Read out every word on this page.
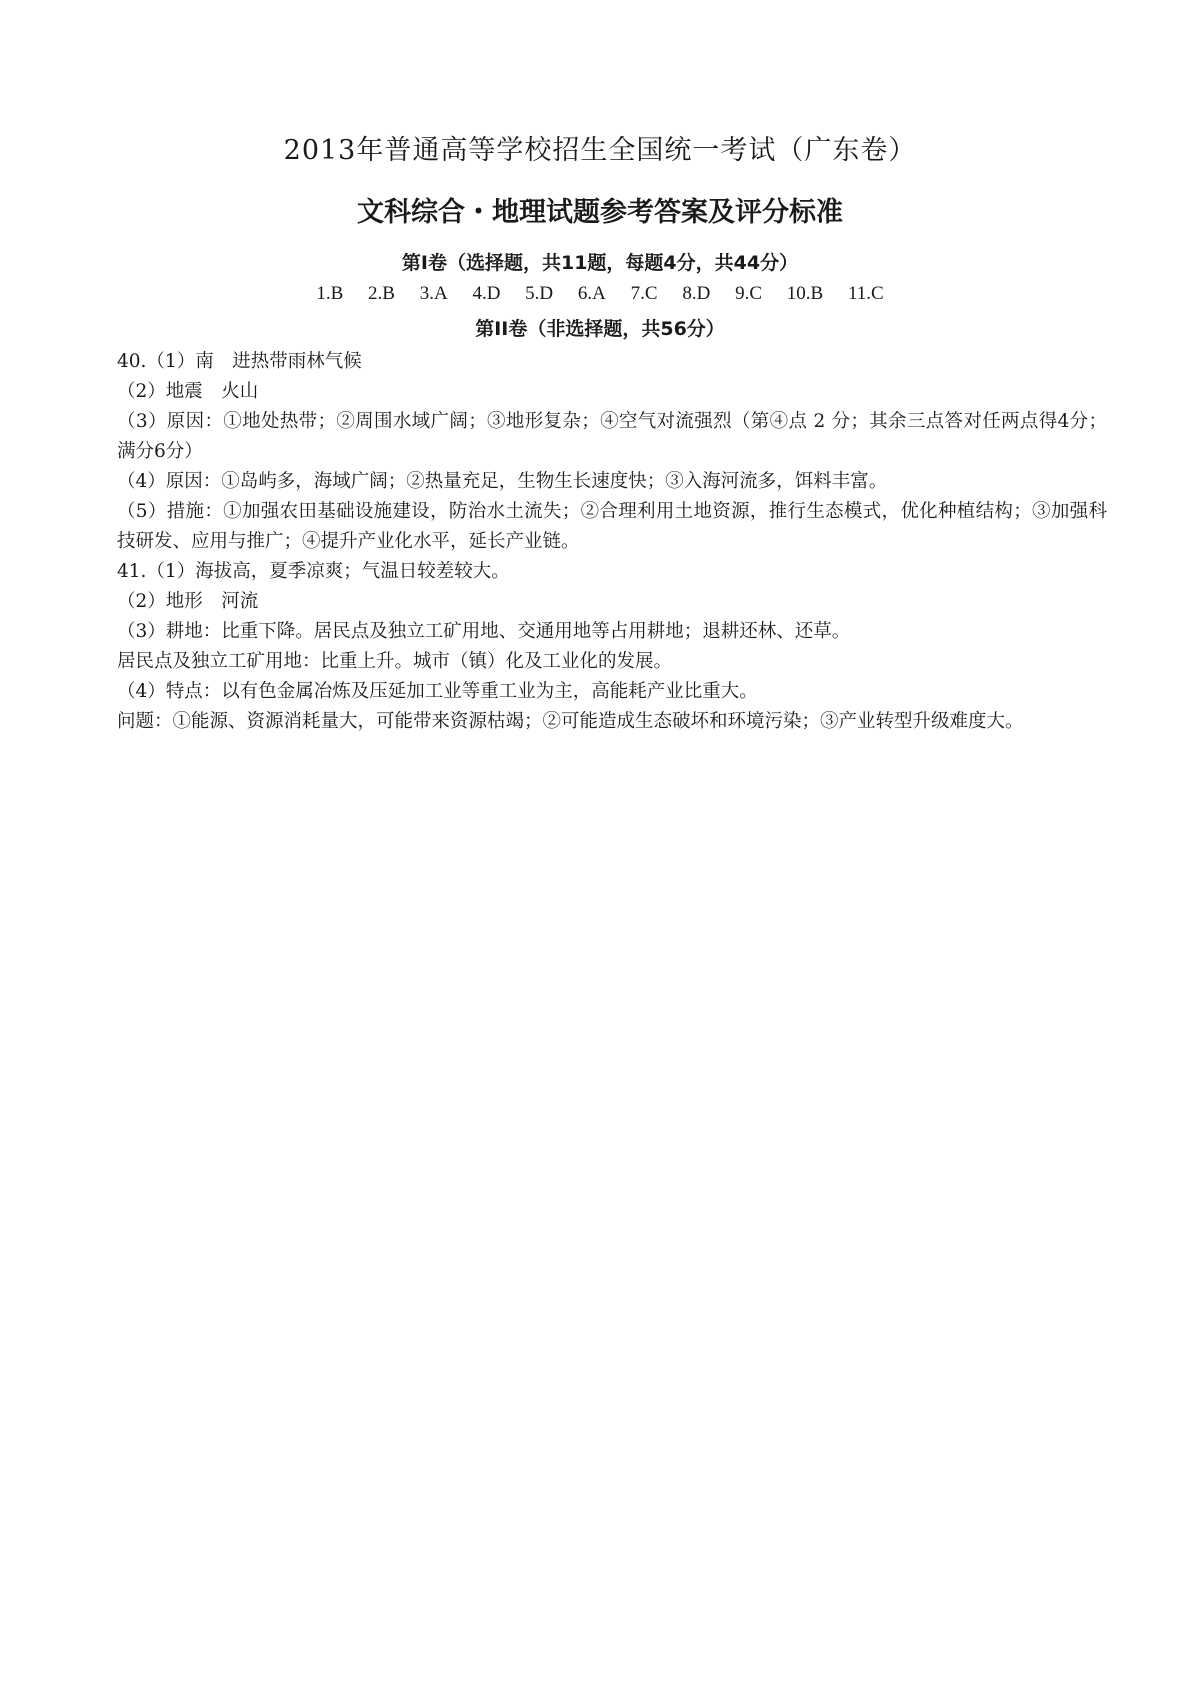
2013年普通高等学校招生全国统一考试（广东卷）
文科综合・地理试题参考答案及评分标准
第I卷（选择题，共11题，每题4分，共44分）
1.B 2.B 3.A 4.D 5.D 6.A 7.C 8.D 9.C 10.B 11.C
第II卷（非选择题，共56分）

40.（1）南　进热带雨林气候

（2）地震　火山

（3）原因：①地处热带；②周围水域广阔；③地形复杂；④空气对流强烈（第④点 2 分；其余三点答对任两点得4分；满分6分）

（4）原因：①岛屿多，海域广阔；②热量充足，生物生长速度快；③入海河流多，饵料丰富。

（5）措施：①加强农田基础设施建设，防治水土流失；②合理利用土地资源，推行生态模式，优化种植结构；③加强科技研发、应用与推广；④提升产业化水平，延长产业链。

41.（1）海拔高，夏季凉爽；气温日较差较大。

（2）地形　河流

（3）耕地：比重下降。居民点及独立工矿用地、交通用地等占用耕地；退耕还林、还草。

居民点及独立工矿用地：比重上升。城市（镇）化及工业化的发展。

（4）特点：以有色金属冶炼及压延加工业等重工业为主，高能耗产业比重大。

问题：①能源、资源消耗量大，可能带来资源枯竭；②可能造成生态破坏和环境污染；③产业转型升级难度大。
